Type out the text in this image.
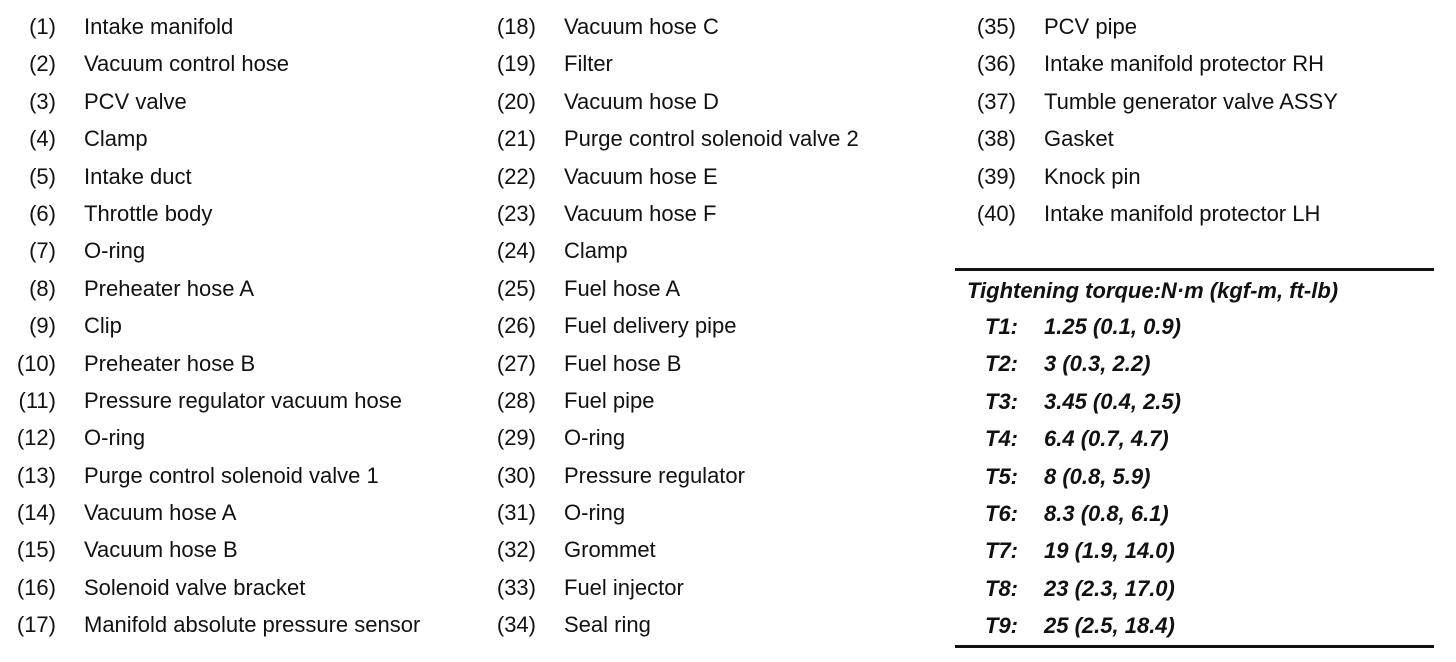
(1) Intake manifold
(2) Vacuum control hose
(3) PCV valve
(4) Clamp
(5) Intake duct
(6) Throttle body
(7) O-ring
(8) Preheater hose A
(9) Clip
(10) Preheater hose B
(11) Pressure regulator vacuum hose
(12) O-ring
(13) Purge control solenoid valve 1
(14) Vacuum hose A
(15) Vacuum hose B
(16) Solenoid valve bracket
(17) Manifold absolute pressure sensor
(18) Vacuum hose C
(19) Filter
(20) Vacuum hose D
(21) Purge control solenoid valve 2
(22) Vacuum hose E
(23) Vacuum hose F
(24) Clamp
(25) Fuel hose A
(26) Fuel delivery pipe
(27) Fuel hose B
(28) Fuel pipe
(29) O-ring
(30) Pressure regulator
(31) O-ring
(32) Grommet
(33) Fuel injector
(34) Seal ring
(35) PCV pipe
(36) Intake manifold protector RH
(37) Tumble generator valve ASSY
(38) Gasket
(39) Knock pin
(40) Intake manifold protector LH
Tightening torque:N·m (kgf-m, ft-lb)
T1: 1.25 (0.1, 0.9)
T2: 3 (0.3, 2.2)
T3: 3.45 (0.4, 2.5)
T4: 6.4 (0.7, 4.7)
T5: 8 (0.8, 5.9)
T6: 8.3 (0.8, 6.1)
T7: 19 (1.9, 14.0)
T8: 23 (2.3, 17.0)
T9: 25 (2.5, 18.4)
